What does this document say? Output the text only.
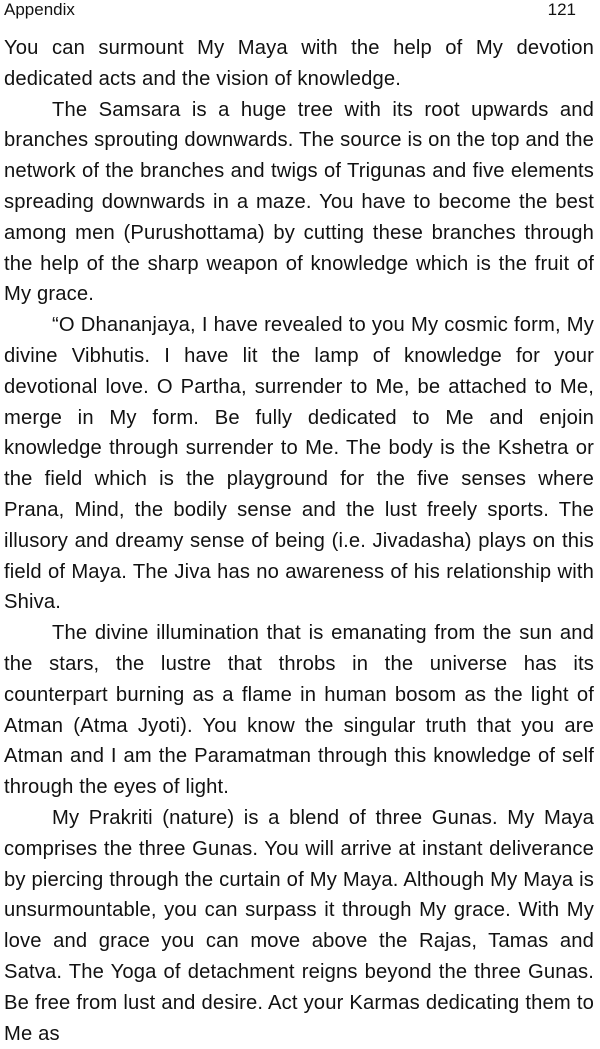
Appendix	121

You can surmount My Maya with the help of My devotion dedicated acts and the vision of knowledge.

The Samsara is a huge tree with its root upwards and branches sprouting downwards. The source is on the top and the network of the branches and twigs of Trigunas and five elements spreading downwards in a maze. You have to become the best among men (Purushottama) by cutting these branches through the help of the sharp weapon of knowledge which is the fruit of My grace.

“O Dhananjaya, I have revealed to you My cosmic form, My divine Vibhutis. I have lit the lamp of knowledge for your devotional love. O Partha, surrender to Me, be attached to Me, merge in My form. Be fully dedicated to Me and enjoin knowledge through surrender to Me. The body is the Kshetra or the field which is the playground for the five senses where Prana, Mind, the bodily sense and the lust freely sports. The illusory and dreamy sense of being (i.e. Jivadasha) plays on this field of Maya. The Jiva has no awareness of his relationship with Shiva.

The divine illumination that is emanating from the sun and the stars, the lustre that throbs in the universe has its counterpart burning as a flame in human bosom as the light of Atman (Atma Jyoti). You know the singular truth that you are Atman and I am the Paramatman through this knowledge of self through the eyes of light.

My Prakriti (nature) is a blend of three Gunas. My Maya comprises the three Gunas. You will arrive at instant deliverance by piercing through the curtain of My Maya. Although My Maya is unsurmountable, you can surpass it through My grace. With My love and grace you can move above the Rajas, Tamas and Satva. The Yoga of detachment reigns beyond the three Gunas. Be free from lust and desire. Act your Karmas dedicating them to Me as
